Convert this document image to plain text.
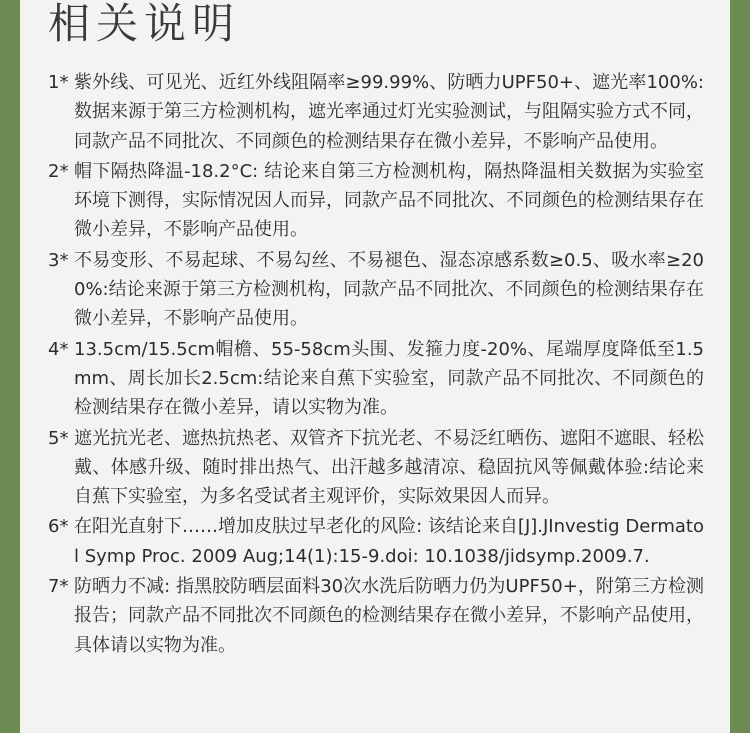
相关说明
1* 紫外线、可见光、近红外线阻隔率≥99.99%、防晒力UPF50+、遮光率100%:数据来源于第三方检测机构，遮光率通过灯光实验测试，与阻隔实验方式不同，同款产品不同批次、不同颜色的检测结果存在微小差异，不影响产品使用。
2* 帽下隔热降温-18.2°C: 结论来自第三方检测机构，隔热降温相关数据为实验室环境下测得，实际情况因人而异，同款产品不同批次、不同颜色的检测结果存在微小差异，不影响产品使用。
3* 不易变形、不易起球、不易勾丝、不易褪色、湿态凉感系数≥0.5、吸水率≥200%:结论来源于第三方检测机构，同款产品不同批次、不同颜色的检测结果存在微小差异，不影响产品使用。
4* 13.5cm/15.5cm帽檐、55-58cm头围、发箍力度-20%、尾端厚度降低至1.5mm、周长加长2.5cm:结论来自蕉下实验室，同款产品不同批次、不同颜色的检测结果存在微小差异，请以实物为准。
5* 遮光抗光老、遮热抗热老、双管齐下抗光老、不易泛红晒伤、遮阳不遮眼、轻松戴、体感升级、随时排出热气、出汗越多越清凉、稳固抗风等佩戴体验:结论来自蕉下实验室，为多名受试者主观评价，实际效果因人而异。
6* 在阳光直射下……增加皮肤过早老化的风险: 该结论来自[J].JInvestig Dermatol Symp Proc. 2009 Aug;14(1):15-9.doi: 10.1038/jidsymp.2009.7.
7* 防晒力不减: 指黑胶防晒层面料30次水洗后防晒力仍为UPF50+，附第三方检测报告；同款产品不同批次不同颜色的检测结果存在微小差异，不影响产品使用，具体请以实物为准。
